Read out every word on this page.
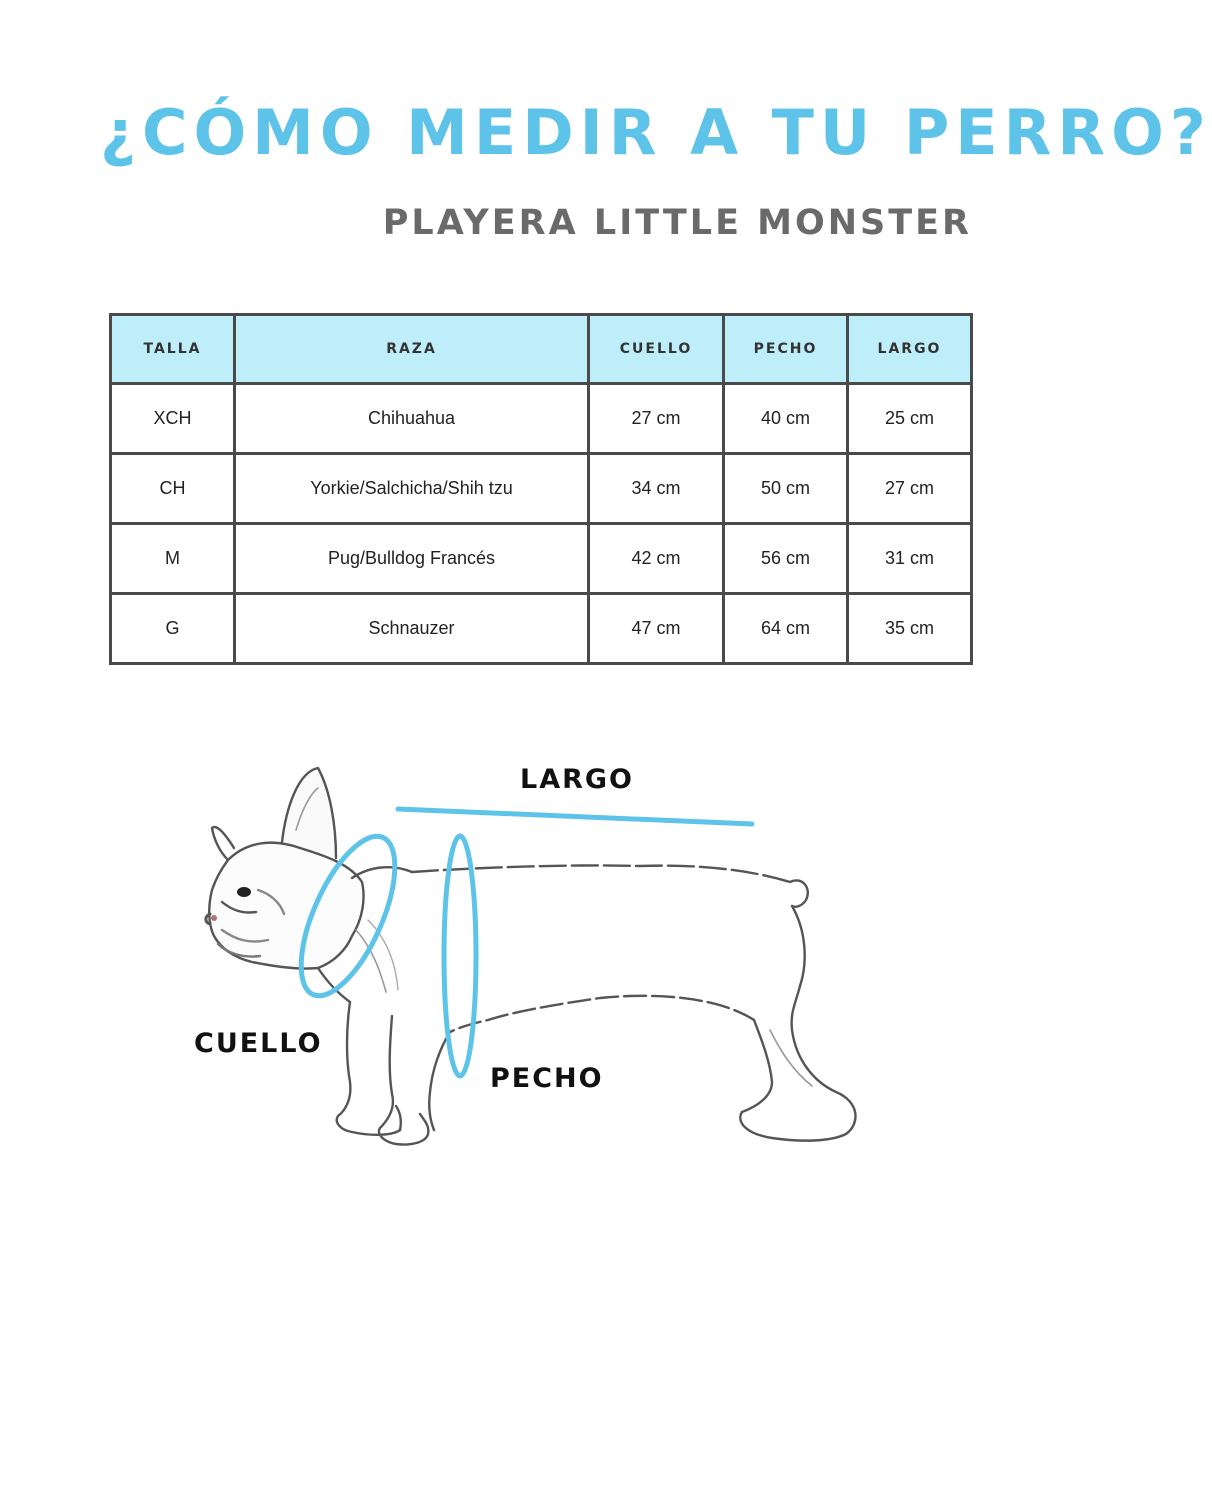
¿CÓMO MEDIR A TU PERRO?
PLAYERA LITTLE MONSTER
TALLA	RAZA	CUELLO	PECHO	LARGO
XCH	Chihuahua	27 cm	40 cm	25 cm
CH	Yorkie/Salchicha/Shih tzu	34 cm	50 cm	27 cm
M	Pug/Bulldog Francés	42 cm	56 cm	31 cm
G	Schnauzer	47 cm	64 cm	35 cm
LARGO
CUELLO
PECHO
